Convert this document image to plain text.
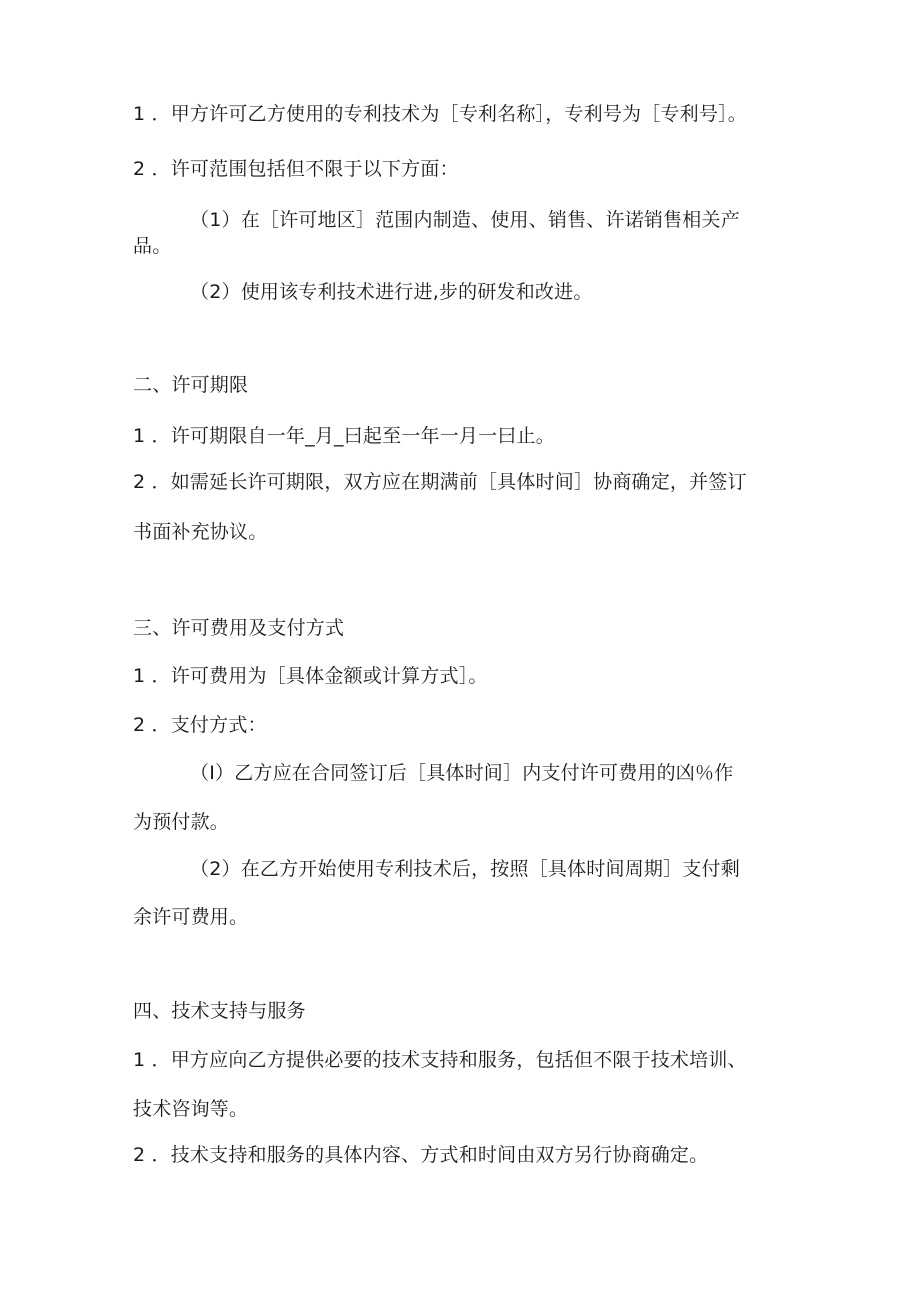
1 ．甲方许可乙方使用的专利技术为［专利名称］，专利号为［专利号］。
2 ．许可范围包括但不限于以下方面：
（1）在［许可地区］范围内制造、使用、销售、许诺销售相关产
品。
（2）使用该专利技术进行进,步的研发和改进。
二、许可期限
1 ．许可期限自一年_月_曰起至一年一月一曰止。
2 ．如需延长许可期限，双方应在期满前［具体时间］协商确定，并签订
书面补充协议。
三、许可费用及支付方式
1 ．许可费用为［具体金额或计算方式］。
2 ．支付方式：
（I）乙方应在合同签订后［具体时间］内支付许可费用的凶％作
为预付款。
（2）在乙方开始使用专利技术后，按照［具体时间周期］支付剩
余许可费用。
四、技术支持与服务
1 ．甲方应向乙方提供必要的技术支持和服务，包括但不限于技术培训、
技术咨询等。
2 ．技术支持和服务的具体内容、方式和时间由双方另行协商确定。
